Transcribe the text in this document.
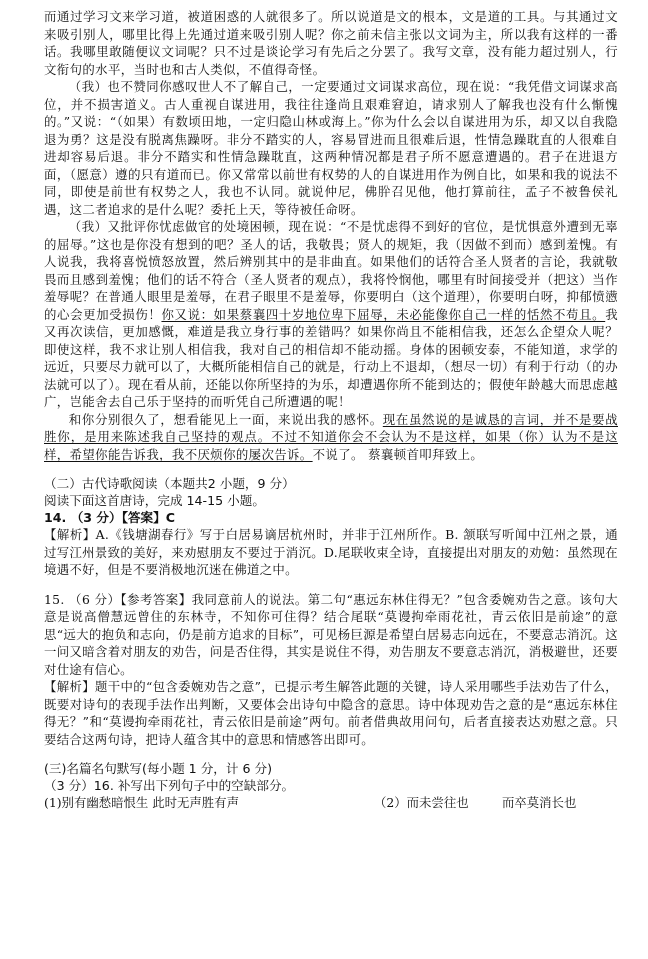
而通过学习文来学习道，被道困惑的人就很多了。所以说道是文的根本，文是道的工具。与其通过文来吸引别人，哪里比得上先通过道来吸引别人呢？你之前未信主张以文词为主，所以我有这样的一番话。我哪里敢随便议文词呢？只不过是谈论学习有先后之分罢了。我写文章，没有能力超过别人，行文衔句的水平，当时也和古人类似，不值得奇怪。

（我）也不赞同你感叹世人不了解自己，一定要通过文词谋求高位，现在说：“我凭借文词谋求高位，并不损害道义。古人重视自谋进用，我往往逢尚且艰难窘迫，请求别人了解我也没有什么惭愧的。”又说：“（如果）有数顷田地，一定归隐山林或海上。”你为什么会以自谋进用为乐，却又以自我隐退为勇？这是没有脱离焦躁呀。非分不踏实的人，容易冒进而且很难后退，性情急躁耽直的人很难自进却容易后退。非分不踏实和性情急躁耽直，这两种情况都是君子所不愿意遭遇的。君子在进退方面，（愿意）遵的只有道而已。你又常常以前世有权势的人的自谋进用作为例自比，如果和我的说法不同，即使是前世有权势之人，我也不认同。就说仲尼，佛肸召见他，他打算前往，孟子不被鲁侯礼遇，这二者追求的是什么呢？委托上天，等待被任命呀。

（我）又批评你忧虑做官的处境困顿，现在说：“不是忧虑得不到好的官位，是忧惧意外遭到无辜的屈辱。”这也是你没有想到的吧？圣人的话，我敬畏；贤人的规矩，我（因做不到而）感到羞愧。有人说我，我将喜悦愤怒放置，然后辨别其中的是非曲直。如果他们的话符合圣人贤者的言论，我就敬畏而且感到羞愧；他们的话不符合（圣人贤者的观点），我将怜悯他，哪里有时间接受并（把这）当作羞辱呢？在普通人眼里是羞辱，在君子眼里不是羞辱，你要明白（这个道理），你要明白呀，抑郁愤懑的心会更加受损伤！你又说：如果蔡襄四十岁地位卑下屈辱，未必能像你自己一样的恬然不苟且。我又再次读信，更加感慨，难道是我立身行事的差错吗？如果你尚且不能相信我，还怎么企望众人呢？即使这样，我不求让别人相信我，我对自己的相信却不能动摇。身体的困顿安泰，不能知道，求学的远近，只要尽力就可以了，大概所能相信自己的就是，行动上不退却，（想尽一切）有利于行动（的办法就可以了）。现在看从前，还能以你所坚持的为乐，却遭遇你所不能到达的；假使年龄越大而思虑越广，岂能舍去自己乐于坚持的而听凭自己所遭遇的呢！

和你分别很久了，想看能见上一面，来说出我的感怀。现在虽然说的是诚恳的言词，并不是要战胜你，是用来陈述我自己坚持的观点。不过不知道你会不会认为不是这样，如果（你）认为不是这样，希望你能告诉我，我不厌烦你的屡次告诉。不说了。 蔡襄顿首叩拜致上。

（二）古代诗歌阅读（本题共2 小题，9 分）

阅读下面这首唐诗，完成 14-15 小题。

14. （3 分）【答案】C

【解析】A.《钱塘湖春行》写于白居易谪居杭州时，并非于江州所作。B. 颔联写听闻中江州之景，通过写江州景致的美好，来劝慰朋友不要过于消沉。D.尾联收束全诗，直接提出对朋友的劝勉：虽然现在境遇不好，但是不要消极地沉迷在佛道之中。

15. （6 分）【参考答案】我同意前人的说法。第二句“惠远东林住得无？”包含委婉劝告之意。该句大意是说高僧慧远曾住的东林寺，不知你可住得？结合尾联“莫谩拘牵雨花社，青云依旧是前途”的意思“远大的抱负和志向，仍是前方追求的目标”，可见杨巨源是希望白居易志向远在，不要意志消沉。这一问又暗含着对朋友的劝告，问是否住得，其实是说住不得，劝告朋友不要意志消沉，消极避世，还要对仕途有信心。

【解析】题干中的“包含委婉劝告之意”，已提示考生解答此题的关键，诗人采用哪些手法劝告了什么，既要对诗句的表现手法作出判断，又要体会出诗句中隐含的意思。诗中体现劝告之意的是“惠远东林住得无？”和“莫谩拘牵雨花社，青云依旧是前途”两句。前者借典故用问句，后者直接表达劝慰之意。只要结合这两句诗，把诗人蕴含其中的意思和情感答出即可。

(三)名篇名句默写(每小题 1 分，计 6 分)

（3 分）16. 补写出下列句子中的空缺部分。

(1)别有幽愁暗恨生 此时无声胜有声	（2）而未尝往也	而卒莫消长也
